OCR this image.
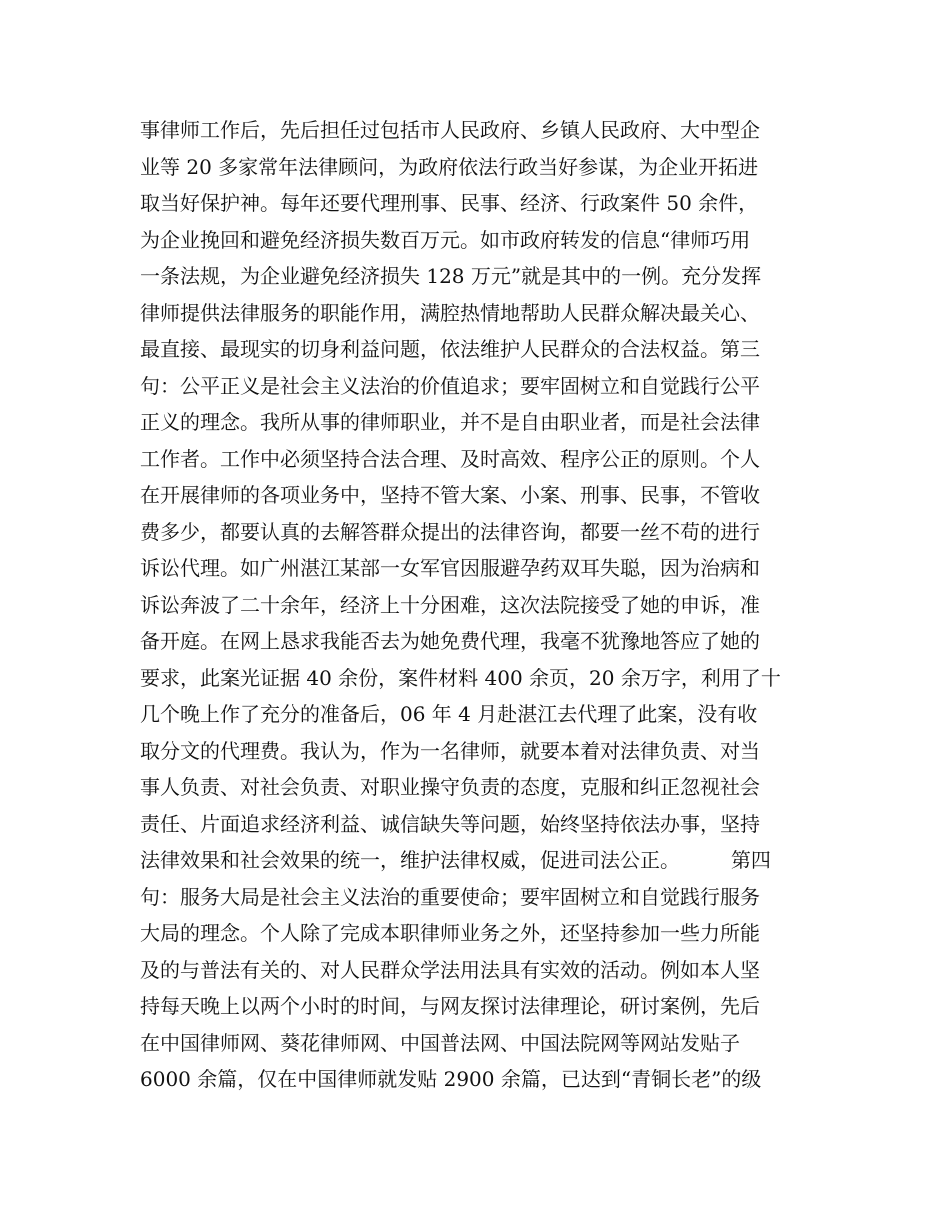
事律师工作后，先后担任过包括市人民政府、乡镇人民政府、大中型企
业等 20 多家常年法律顾问，为政府依法行政当好参谋，为企业开拓进
取当好保护神。每年还要代理刑事、民事、经济、行政案件 50 余件，
为企业挽回和避免经济损失数百万元。如市政府转发的信息“律师巧用
一条法规，为企业避免经济损失 128 万元”就是其中的一例。充分发挥
律师提供法律服务的职能作用，满腔热情地帮助人民群众解决最关心、
最直接、最现实的切身利益问题，依法维护人民群众的合法权益。第三
句：公平正义是社会主义法治的价值追求；要牢固树立和自觉践行公平
正义的理念。我所从事的律师职业，并不是自由职业者，而是社会法律
工作者。工作中必须坚持合法合理、及时高效、程序公正的原则。个人
在开展律师的各项业务中，坚持不管大案、小案、刑事、民事，不管收
费多少，都要认真的去解答群众提出的法律咨询，都要一丝不苟的进行
诉讼代理。如广州湛江某部一女军官因服避孕药双耳失聪，因为治病和
诉讼奔波了二十余年，经济上十分困难，这次法院接受了她的申诉，准
备开庭。在网上恳求我能否去为她免费代理，我毫不犹豫地答应了她的
要求，此案光证据 40 余份，案件材料 400 余页，20 余万字，利用了十
几个晚上作了充分的准备后，06 年 4 月赴湛江去代理了此案，没有收
取分文的代理费。我认为，作为一名律师，就要本着对法律负责、对当
事人负责、对社会负责、对职业操守负责的态度，克服和纠正忽视社会
责任、片面追求经济利益、诚信缺失等问题，始终坚持依法办事，坚持
法律效果和社会效果的统一，维护法律权威，促进司法公正。        第四
句：服务大局是社会主义法治的重要使命；要牢固树立和自觉践行服务
大局的理念。个人除了完成本职律师业务之外，还坚持参加一些力所能
及的与普法有关的、对人民群众学法用法具有实效的活动。例如本人坚
持每天晚上以两个小时的时间，与网友探讨法律理论，研讨案例，先后
在中国律师网、葵花律师网、中国普法网、中国法院网等网站发贴子
6000 余篇，仅在中国律师就发贴 2900 余篇，已达到“青铜长老”的级
